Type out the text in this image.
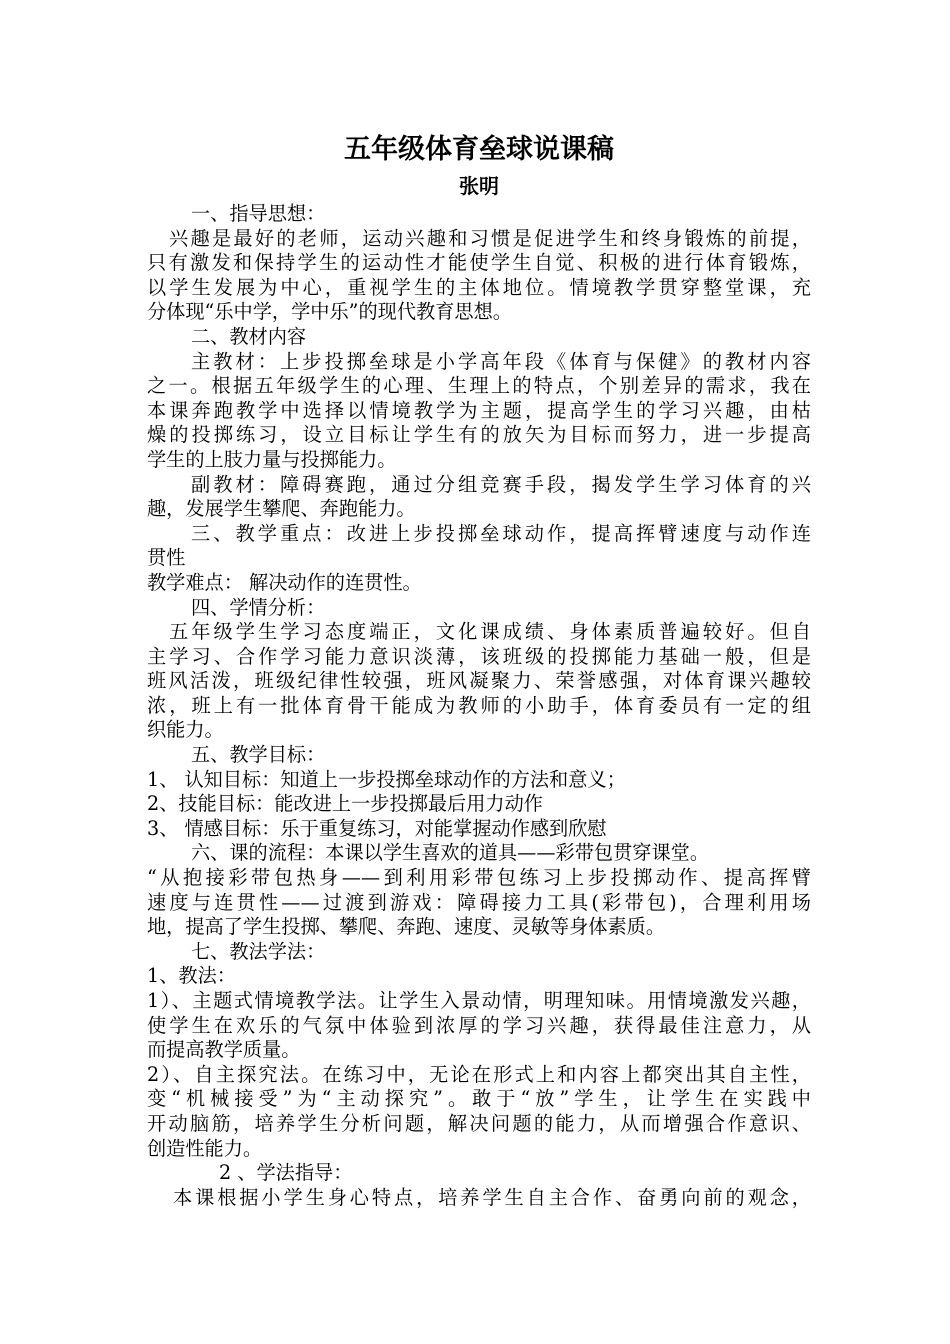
五年级体育垒球说课稿

张明

一、指导思想：

兴趣是最好的老师，运动兴趣和习惯是促进学生和终身锻炼的前提，

只有激发和保持学生的运动性才能使学生自觉、积极的进行体育锻炼，

以学生发展为中心，重视学生的主体地位。情境教学贯穿整堂课，充

分体现“乐中学，学中乐”的现代教育思想。

二、教材内容

主教材：上步投掷垒球是小学高年段《体育与保健》的教材内容

之一。根据五年级学生的心理、生理上的特点，个别差异的需求，我在

本课奔跑教学中选择以情境教学为主题，提高学生的学习兴趣，由枯

燥的投掷练习，设立目标让学生有的放矢为目标而努力，进一步提高

学生的上肢力量与投掷能力。

副教材：障碍赛跑，通过分组竞赛手段，揭发学生学习体育的兴

趣，发展学生攀爬、奔跑能力。

三、教学重点：改进上步投掷垒球动作，提高挥臂速度与动作连

贯性

教学难点： 解决动作的连贯性。

四、学情分析：

五年级学生学习态度端正，文化课成绩、身体素质普遍较好。但自

主学习、合作学习能力意识淡薄，该班级的投掷能力基础一般，但是

班风活泼，班级纪律性较强，班风凝聚力、荣誉感强，对体育课兴趣较

浓，班上有一批体育骨干能成为教师的小助手，体育委员有一定的组

织能力。

五、教学目标：

1、 认知目标：知道上一步投掷垒球动作的方法和意义；

2、技能目标：能改进上一步投掷最后用力动作

3、 情感目标：乐于重复练习，对能掌握动作感到欣慰

六、课的流程：本课以学生喜欢的道具——彩带包贯穿课堂。

“从抱接彩带包热身——到利用彩带包练习上步投掷动作、提高挥臂

速度与连贯性——过渡到游戏：障碍接力工具(彩带包)，合理利用场

地，提高了学生投掷、攀爬、奔跑、速度、灵敏等身体素质。

七、教法学法：

1、教法：

1）、主题式情境教学法。让学生入景动情，明理知味。用情境激发兴趣，

使学生在欢乐的气氛中体验到浓厚的学习兴趣，获得最佳注意力，从

而提高教学质量。

2）、自主探究法。在练习中，无论在形式上和内容上都突出其自主性，

变“机械接受”为“主动探究”。敢于“放”学生，让学生在实践中

开动脑筋，培养学生分析问题，解决问题的能力，从而增强合作意识、

创造性能力。

2 、学法指导：

本课根据小学生身心特点，培养学生自主合作、奋勇向前的观念，
